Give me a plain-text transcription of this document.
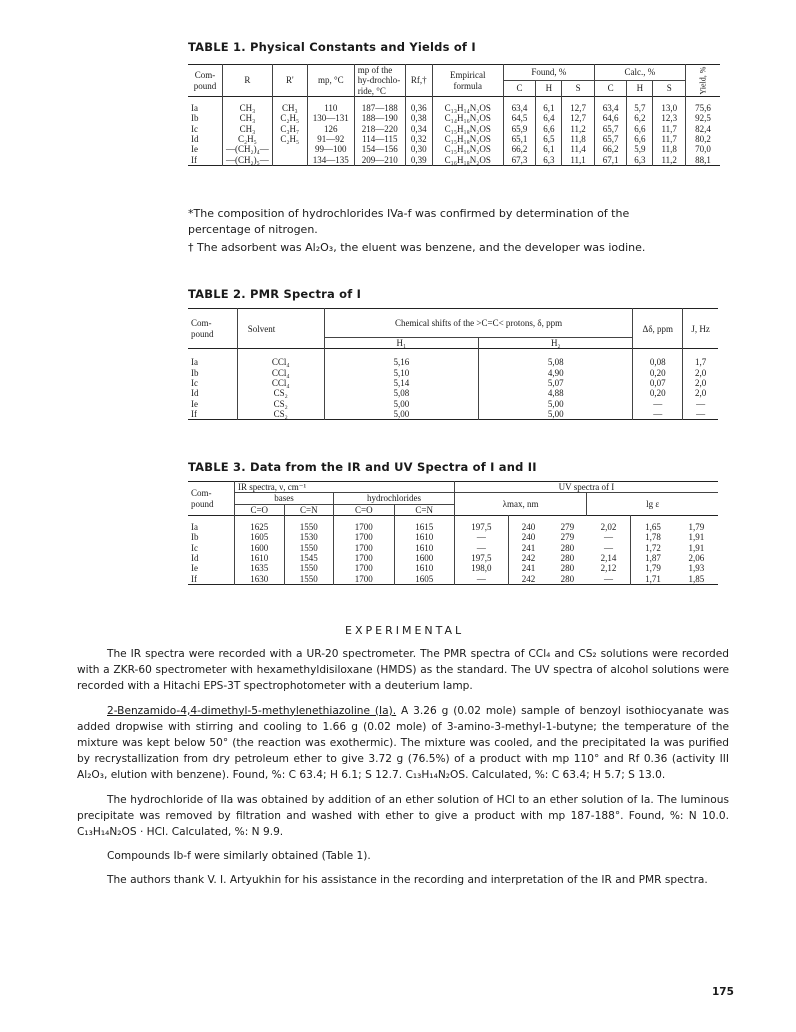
TABLE 1. Physical Constants and Yields of I
Com-pound	R	R'	mp, °C	mp of the hy-drochlo-ride, °C	Rf,†	Empirical formula	Found, %			Calc., %			Yield, %

							C	H	S	C	H	S	
Ia	CH₃	CH₃	110	187—188	0,36	C₁₃H₁₄N₂OS	63,4	6,1	12,7	63,4	5,7	13,0	75,6
Ib	CH₃	C₂H₅	130—131	188—190	0,38	C₁₄H₁₆N₂OS	64,5	6,4	12,7	64,6	6,2	12,3	92,5
Ic	CH₃	C₃H₇	126	218—220	0,34	C₁₅H₁₈N₂OS	65,9	6,6	11,2	65,7	6,6	11,7	82,4
Id	C₂H₅	C₂H₅	91—92	114—115	0,32	C₁₅H₁₈N₂OS	65,1	6,5	11,8	65,7	6,6	11,7	80,2
Ie	—(CH₂)₄—		99—100	154—156	0,30	C₁₅H₁₆N₂OS	66,2	6,1	11,4	66,2	5,9	11,8	70,0
If	—(CH₂)₅—		134—135	209—210	0,39	C₁₆H₁₈N₂OS	67,3	6,3	11,1	67,1	6,3	11,2	88,1
*The composition of hydrochlorides IVa-f was confirmed by determination of the percentage of nitrogen.
† The adsorbent was Al₂O₃, the eluent was benzene, and the developer was iodine.
TABLE 2. PMR Spectra of I
Com-pound	Solvent	Chemical shifts of the >C=C< protons, δ, ppm		Δδ, ppm	J, Hz
		H₁	H₂		
Ia	CCl₄	5,16	5,08	0,08	1,7
Ib	CCl₄	5,10	4,90	0,20	2,0
Ic	CCl₄	5,14	5,07	0,07	2,0
Id	CS₂	5,08	4,88	0,20	2,0
Ie	CS₂	5,00	5,00	—	—
If	CS₂	5,00	5,00	—	—
TABLE 3. Data from the IR and UV Spectra of I and II
Com-pound	IR spectra, ν, cm⁻¹				UV spectra of I					
	bases		hydrochlorides		λmax, nm			lg ε		
	C=O	C=N	C=O	C=N						
Ia	1625	1550	1700	1615	197,5	240	279	2,02	1,65	1,79
Ib	1605	1530	1700	1610	—	240	279	—	1,78	1,91
Ic	1600	1550	1700	1610	—	241	280	—	1,72	1,91
Id	1610	1545	1700	1600	197,5	242	280	2,14	1,87	2,06
Ie	1635	1550	1700	1610	198,0	241	280	2,12	1,79	1,93
If	1630	1550	1700	1605	—	242	280	—	1,71	1,85
EXPERIMENTAL

The IR spectra were recorded with a UR-20 spectrometer. The PMR spectra of CCl₄ and CS₂ solutions were recorded with a ZKR-60 spectrometer with hexamethyldisiloxane (HMDS) as the standard. The UV spectra of alcohol solutions were recorded with a Hitachi EPS-3T spectrophotometer with a deuterium lamp.

2-Benzamido-4,4-dimethyl-5-methylenethiazoline (Ia). A 3.26 g (0.02 mole) sample of benzoyl isothiocyanate was added dropwise with stirring and cooling to 1.66 g (0.02 mole) of 3-amino-3-methyl-1-butyne; the temperature of the mixture was kept below 50° (the reaction was exothermic). The mixture was cooled, and the precipitated Ia was purified by recrystallization from dry petroleum ether to give 3.72 g (76.5%) of a product with mp 110° and Rf 0.36 (activity III Al₂O₃, elution with benzene). Found, %: C 63.4; H 6.1; S 12.7. C₁₃H₁₄N₂OS. Calculated, %: C 63.4; H 5.7; S 13.0.

The hydrochloride of IIa was obtained by addition of an ether solution of HCl to an ether solution of Ia. The luminous precipitate was removed by filtration and washed with ether to give a product with mp 187-188°. Found, %: N 10.0. C₁₃H₁₄N₂OS · HCl. Calculated, %: N 9.9.

Compounds Ib-f were similarly obtained (Table 1).

The authors thank V. I. Artyukhin for his assistance in the recording and interpretation of the IR and PMR spectra.

175
